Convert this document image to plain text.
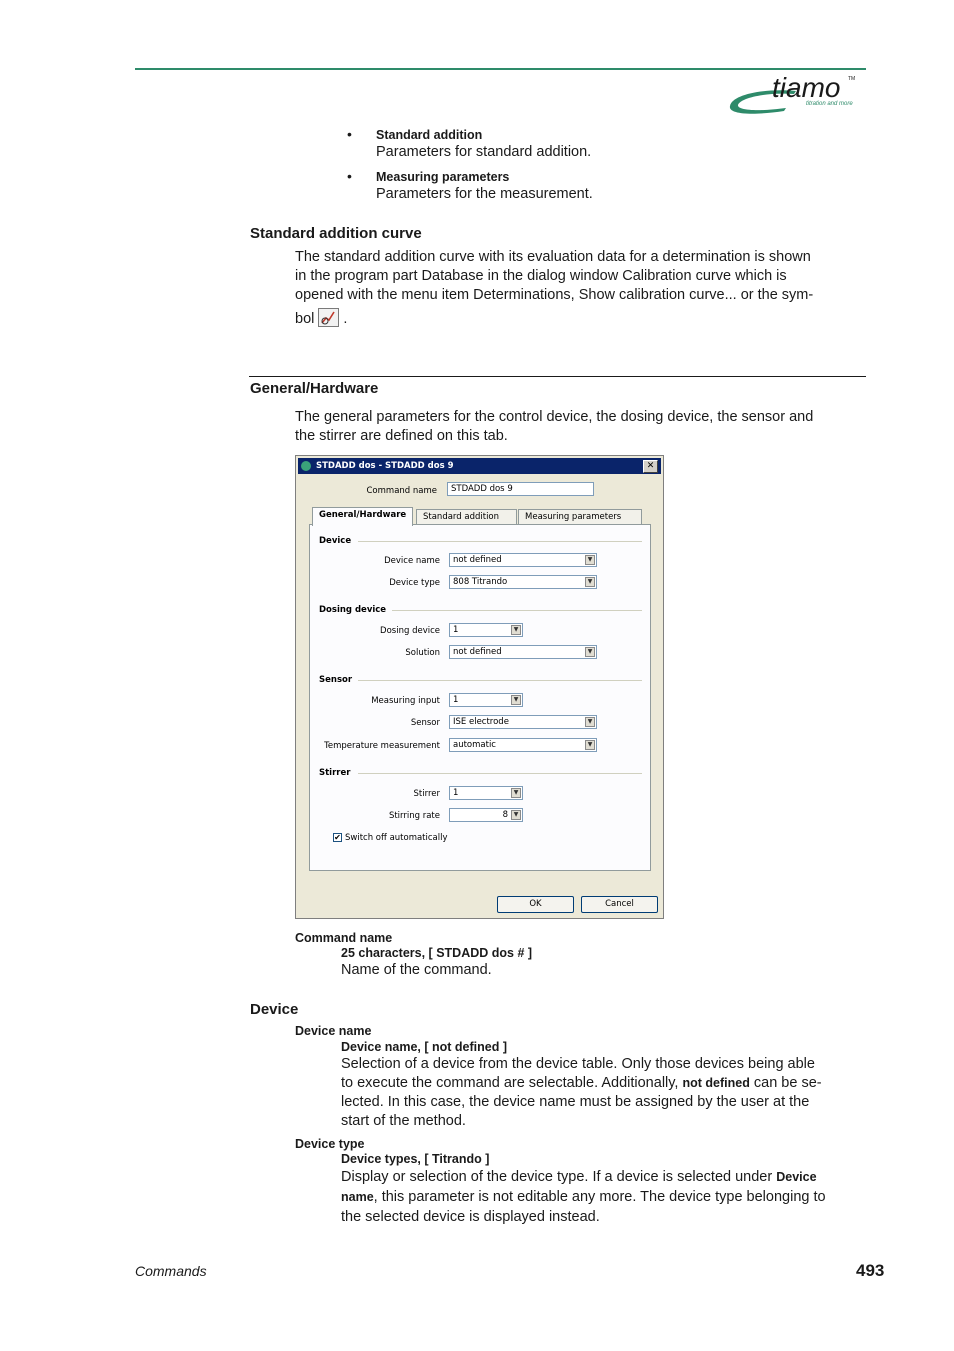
tiamo TM
titration and more
• Standard addition
Parameters for standard addition.
• Measuring parameters
Parameters for the measurement.
Standard addition curve
The standard addition curve with its evaluation data for a determination is shown
in the program part Database in the dialog window Calibration curve which is
opened with the menu item Determinations, Show calibration curve... or the sym-
bol .
General/Hardware
The general parameters for the control device, the dosing device, the sensor and
the stirrer are defined on this tab.
STDADD dos - STDADD dos 9	✕
Command name	STDADD dos 9
General/Hardware	Standard addition	Measuring parameters
Device
Device name	not defined	▼
Device type	808 Titrando	▼
Dosing device
Dosing device	1	▼
Solution	not defined	▼
Sensor
Measuring input	1	▼
Sensor	ISE electrode	▼
Temperature measurement	automatic	▼
Stirrer
Stirrer	1	▼
Stirring rate	8 ▼
✔ Switch off automatically
OK	Cancel
Command name
25 characters, [ STDADD dos # ]
Name of the command.
Device
Device name
Device name, [ not defined ]
Selection of a device from the device table. Only those devices being able
to execute the command are selectable. Additionally, not defined can be se-
lected. In this case, the device name must be assigned by the user at the
start of the method.
Device type
Device types, [ Titrando ]
Display or selection of the device type. If a device is selected under Device
name, this parameter is not editable any more. The device type belonging to
the selected device is displayed instead.
Commands	493
